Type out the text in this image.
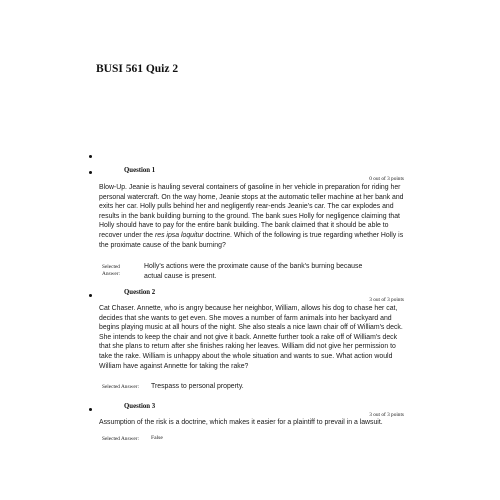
BUSI 561 Quiz 2
Question 1
0 out of 3 points

Blow-Up. Jeanie is hauling several containers of gasoline in her vehicle in preparation for riding her personal watercraft. On the way home, Jeanie stops at the automatic teller machine at her bank and exits her car. Holly pulls behind her and negligently rear-ends Jeanie's car. The car explodes and results in the bank building burning to the ground. The bank sues Holly for negligence claiming that Holly should have to pay for the entire bank building. The bank claimed that it should be able to recover under the res ipsa loquitur doctrine. Which of the following is true regarding whether Holly is the proximate cause of the bank burning?

Selected
Answer:
Holly's actions were the proximate cause of the bank's burning because actual cause is present.
Question 2
3 out of 3 points

Cat Chaser. Annette, who is angry because her neighbor, William, allows his dog to chase her cat, decides that she wants to get even. She moves a number of farm animals into her backyard and begins playing music at all hours of the night. She also steals a nice lawn chair off of William's deck. She intends to keep the chair and not give it back. Annette further took a rake off of William's deck that she plans to return after she finishes raking her leaves. William did not give her permission to take the rake. William is unhappy about the whole situation and wants to sue. What action would William have against Annette for taking the rake?

Selected Answer: Trespass to personal property.
Question 3
3 out of 3 points

Assumption of the risk is a doctrine, which makes it easier for a plaintiff to prevail in a lawsuit.

Selected Answer: False
